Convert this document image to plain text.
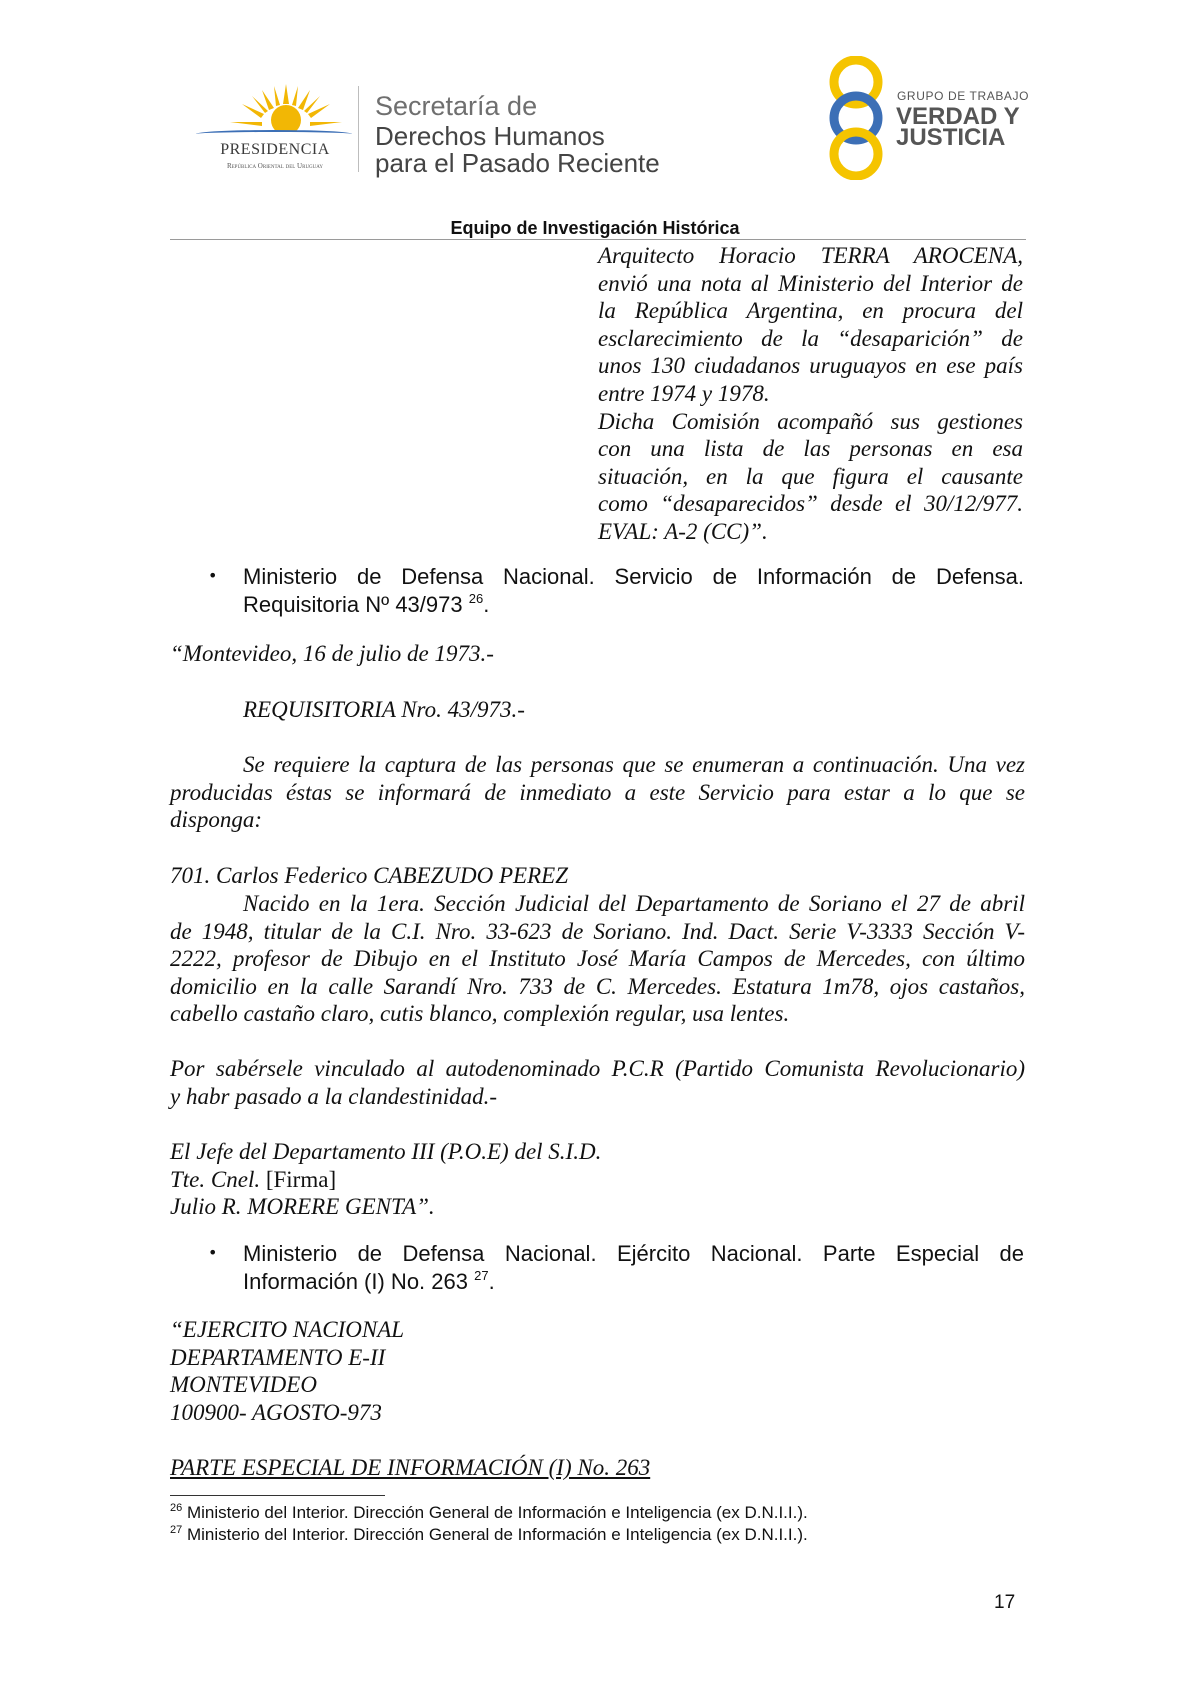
PRESIDENCIA
República Oriental del Uruguay
Secretaría de
Derechos Humanos
para el Pasado Reciente
GRUPO DE TRABAJO
VERDAD Y
JUSTICIA
Equipo de Investigación Histórica
Arquitecto Horacio TERRA AROCENA,
envió una nota al Ministerio del Interior de
la República Argentina, en procura del
esclarecimiento de la “desaparición” de
unos 130 ciudadanos uruguayos en ese país
entre 1974 y 1978.
Dicha Comisión acompañó sus gestiones
con una lista de las personas en esa
situación, en la que figura el causante
como “desaparecidos” desde el 30/12/977.
EVAL: A-2 (CC)”.
• Ministerio de Defensa Nacional. Servicio de Información de Defensa.
Requisitoria Nº 43/973 $^{26}$.
“Montevideo, 16 de julio de 1973.-
REQUISITORIA Nro. 43/973.-
Se requiere la captura de las personas que se enumeran a continuación. Una vez
producidas éstas se informará de inmediato a este Servicio para estar a lo que se
disponga:
701. Carlos Federico CABEZUDO PEREZ
Nacido en la 1era. Sección Judicial del Departamento de Soriano el 27 de abril
de 1948, titular de la C.I. Nro. 33-623 de Soriano. Ind. Dact. Serie V-3333 Sección V-
2222, profesor de Dibujo en el Instituto José María Campos de Mercedes, con último
domicilio en la calle Sarandí Nro. 733 de C. Mercedes. Estatura 1m78, ojos castaños,
cabello castaño claro, cutis blanco, complexión regular, usa lentes.
Por sabérsele vinculado al autodenominado P.C.R (Partido Comunista Revolucionario)
y habr pasado a la clandestinidad.-
El Jefe del Departamento III (P.O.E) del S.I.D.
Tte. Cnel. [Firma]
Julio R. MORERE GENTA”.
• Ministerio de Defensa Nacional. Ejército Nacional. Parte Especial de
Información (I) No. 263 $^{27}$.
“EJERCITO NACIONAL
DEPARTAMENTO E-II
MONTEVIDEO
100900- AGOSTO-973
PARTE ESPECIAL DE INFORMACIÓN (I) No. 263
$^{26}$ Ministerio del Interior. Dirección General de Información e Inteligencia (ex D.N.I.I.).
$^{27}$ Ministerio del Interior. Dirección General de Información e Inteligencia (ex D.N.I.I.).
17
